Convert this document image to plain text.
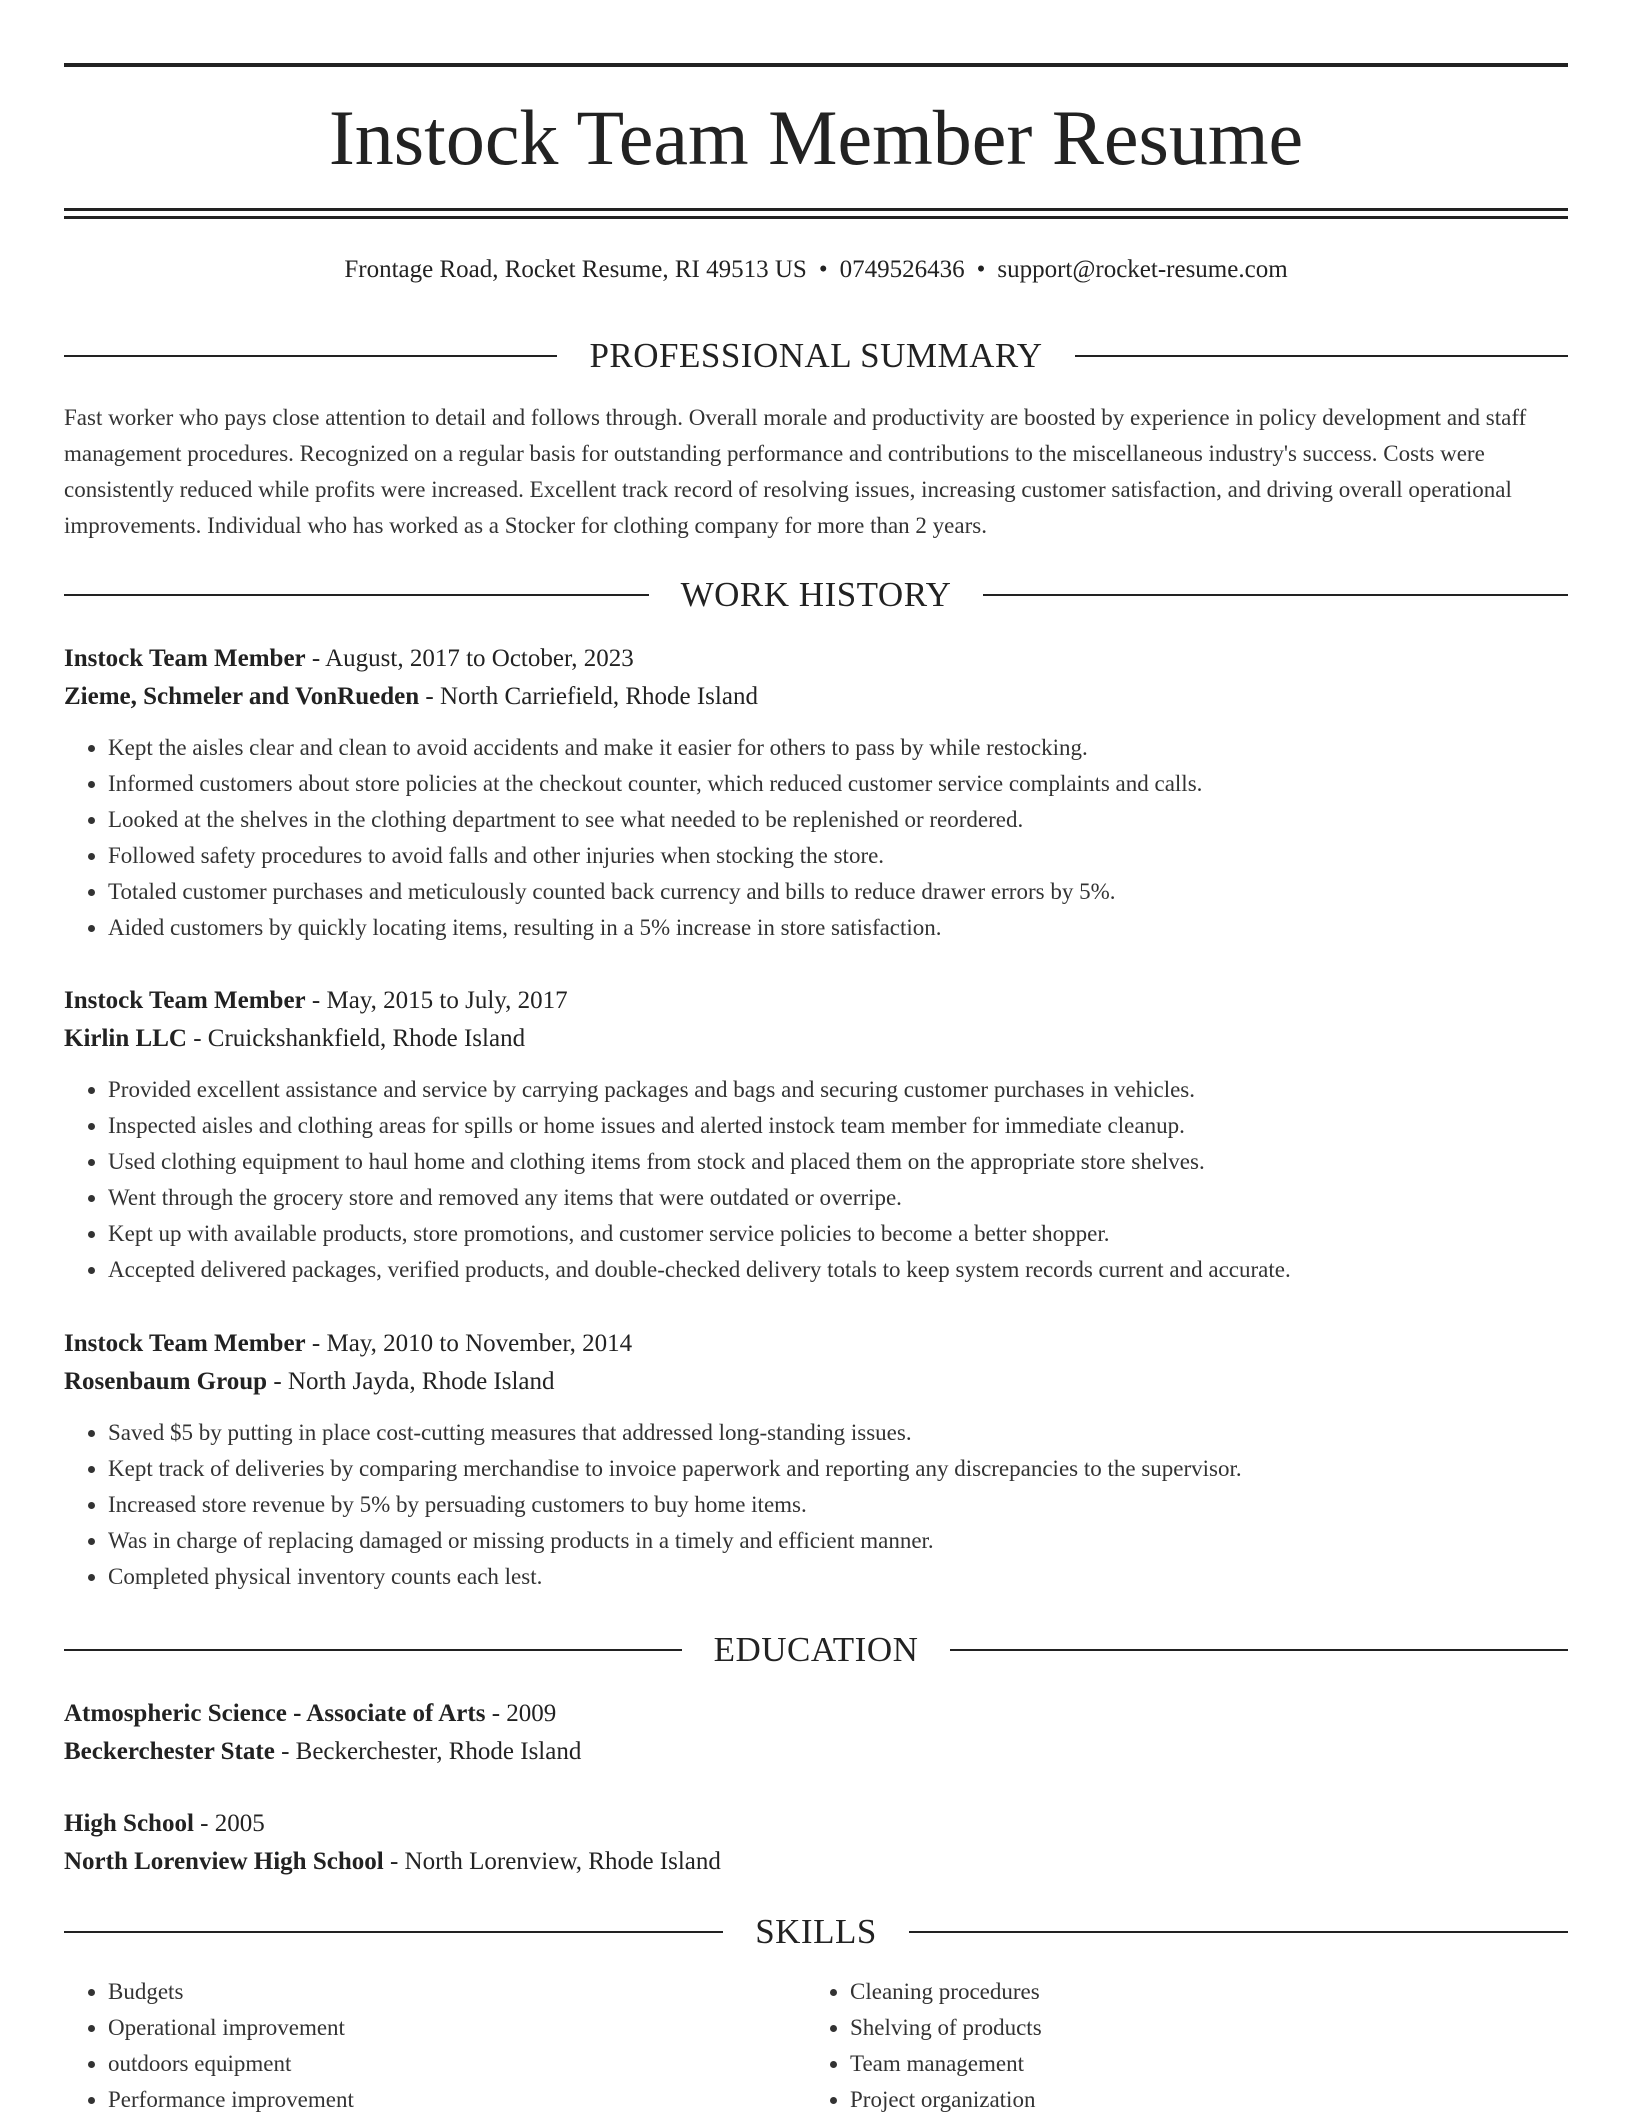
Instock Team Member Resume
Frontage Road, Rocket Resume, RI 49513 US • 0749526436 • support@rocket-resume.com
PROFESSIONAL SUMMARY

Fast worker who pays close attention to detail and follows through. Overall morale and productivity are boosted by experience in policy development and staff management procedures. Recognized on a regular basis for outstanding performance and contributions to the miscellaneous industry's success. Costs were consistently reduced while profits were increased. Excellent track record of resolving issues, increasing customer satisfaction, and driving overall operational improvements. Individual who has worked as a Stocker for clothing company for more than 2 years.

WORK HISTORY
Instock Team Member - August, 2017 to October, 2023
Zieme, Schmeler and VonRueden - North Carriefield, Rhode Island
• Kept the aisles clear and clean to avoid accidents and make it easier for others to pass by while restocking.
• Informed customers about store policies at the checkout counter, which reduced customer service complaints and calls.
• Looked at the shelves in the clothing department to see what needed to be replenished or reordered.
• Followed safety procedures to avoid falls and other injuries when stocking the store.
• Totaled customer purchases and meticulously counted back currency and bills to reduce drawer errors by 5%.
• Aided customers by quickly locating items, resulting in a 5% increase in store satisfaction.
Instock Team Member - May, 2015 to July, 2017
Kirlin LLC - Cruickshankfield, Rhode Island
• Provided excellent assistance and service by carrying packages and bags and securing customer purchases in vehicles.
• Inspected aisles and clothing areas for spills or home issues and alerted instock team member for immediate cleanup.
• Used clothing equipment to haul home and clothing items from stock and placed them on the appropriate store shelves.
• Went through the grocery store and removed any items that were outdated or overripe.
• Kept up with available products, store promotions, and customer service policies to become a better shopper.
• Accepted delivered packages, verified products, and double-checked delivery totals to keep system records current and accurate.
Instock Team Member - May, 2010 to November, 2014
Rosenbaum Group - North Jayda, Rhode Island
• Saved $5 by putting in place cost-cutting measures that addressed long-standing issues.
• Kept track of deliveries by comparing merchandise to invoice paperwork and reporting any discrepancies to the supervisor.
• Increased store revenue by 5% by persuading customers to buy home items.
• Was in charge of replacing damaged or missing products in a timely and efficient manner.
• Completed physical inventory counts each lest.
EDUCATION
Atmospheric Science - Associate of Arts - 2009
Beckerchester State - Beckerchester, Rhode Island
High School - 2005
North Lorenview High School - North Lorenview, Rhode Island
SKILLS
• Budgets
• Operational improvement
• outdoors equipment
• Performance improvement
• Cleaning procedures
• Shelving of products
• Team management
• Project organization
